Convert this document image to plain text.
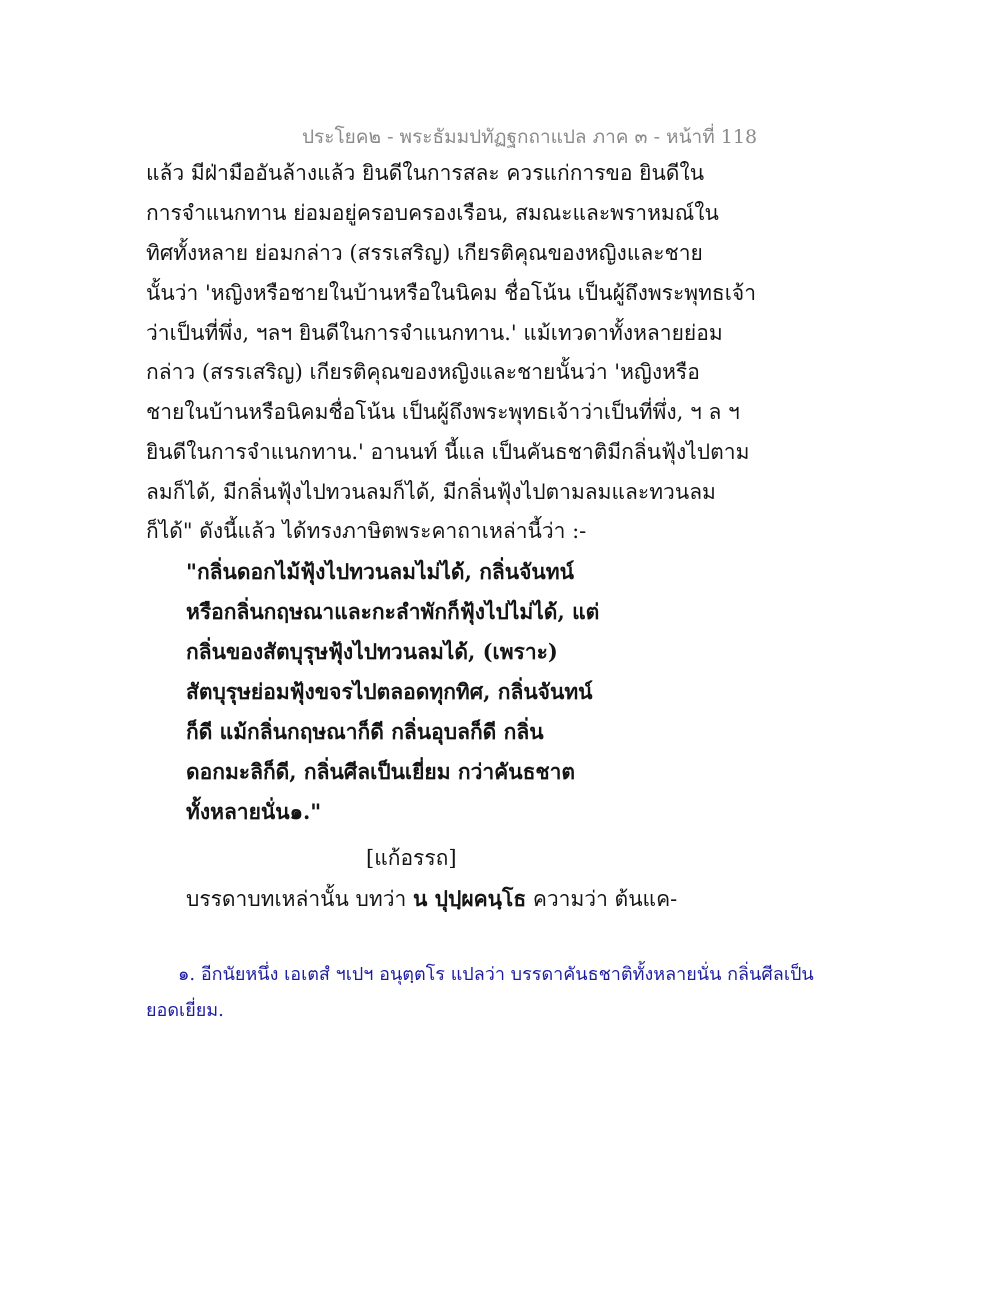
ประโยค๒ - พระธัมมปทัฏฐกถาแปล ภาค ๓ - หน้าที่ 118
แล้ว มีฝ่ามืออันล้างแล้ว ยินดีในการสละ ควรแก่การขอ ยินดีใน
การจำแนกทาน ย่อมอยู่ครอบครองเรือน, สมณะและพราหมณ์ใน
ทิศทั้งหลาย ย่อมกล่าว (สรรเสริญ) เกียรติคุณของหญิงและชาย
นั้นว่า 'หญิงหรือชายในบ้านหรือในนิคม ชื่อโน้น เป็นผู้ถึงพระพุทธเจ้า
ว่าเป็นที่พึ่ง, ฯลฯ ยินดีในการจำแนกทาน.' แม้เทวดาทั้งหลายย่อม
กล่าว (สรรเสริญ) เกียรติคุณของหญิงและชายนั้นว่า 'หญิงหรือ
ชายในบ้านหรือนิคมชื่อโน้น เป็นผู้ถึงพระพุทธเจ้าว่าเป็นที่พึ่ง, ฯ ล ฯ
ยินดีในการจำแนกทาน.' อานนท์ นี้แล เป็นคันธชาติมีกลิ่นฟุ้งไปตาม
ลมก็ได้, มีกลิ่นฟุ้งไปทวนลมก็ได้, มีกลิ่นฟุ้งไปตามลมและทวนลม
ก็ได้" ดังนี้แล้ว ได้ทรงภาษิตพระคาถาเหล่านี้ว่า :-
"กลิ่นดอกไม้ฟุ้งไปทวนลมไม่ได้, กลิ่นจันทน์
หรือกลิ่นกฤษณาและกะลำพักก็ฟุ้งไปไม่ได้, แต่
กลิ่นของสัตบุรุษฟุ้งไปทวนลมได้, (เพราะ)
สัตบุรุษย่อมฟุ้งขจรไปตลอดทุกทิศ, กลิ่นจันทน์
ก็ดี แม้กลิ่นกฤษณาก็ดี กลิ่นอุบลก็ดี กลิ่น
ดอกมะลิก็ดี, กลิ่นศีลเป็นเยี่ยม กว่าคันธชาต
ทั้งหลายนั่น๑."
[แก้อรรถ]
บรรดาบทเหล่านั้น บทว่า น ปุปฺผคนฺโธ ความว่า ต้นแค-
๑. อีกนัยหนึ่ง เอเตสํ ฯเปฯ อนุตฺตโร แปลว่า บรรดาคันธชาติทั้งหลายนั่น กลิ่นศีลเป็น
ยอดเยี่ยม.
